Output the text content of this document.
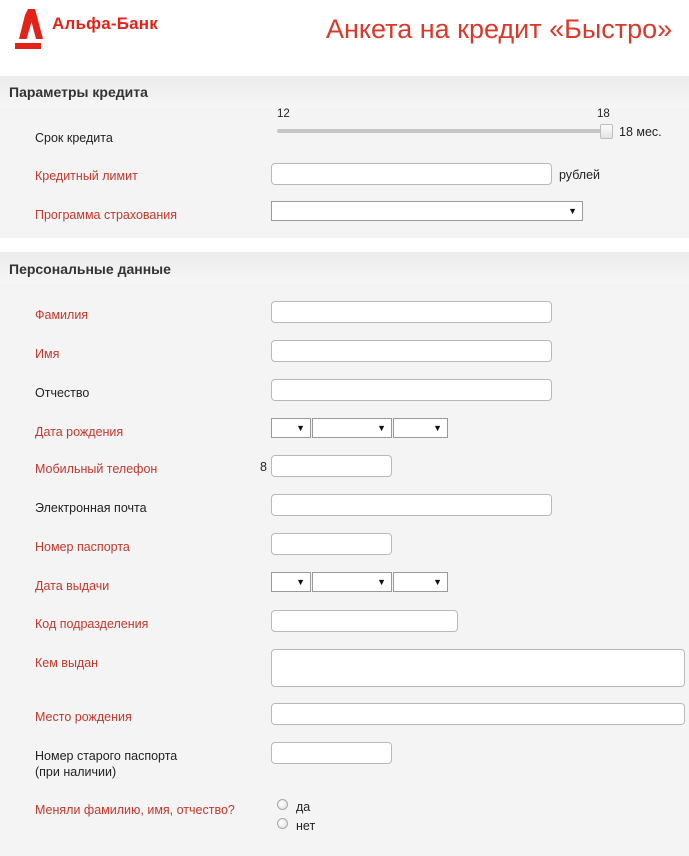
Альфа-Банк	Анкета на кредит «Быстро»
Параметры кредита
Срок кредита
12	18
18 мес.
Кредитный лимит	рублей
Программа страхования	▼
Персональные данные
Фамилия
Имя
Отчество
Дата рождения	▼	▼	▼
Мобильный телефон	8
Электронная почта
Номер паспорта
Дата выдачи	▼	▼	▼
Код подразделения
Кем выдан
Место рождения
Номер старого паспорта
(при наличии)
Меняли фамилию, имя, отчество?	да
нет
